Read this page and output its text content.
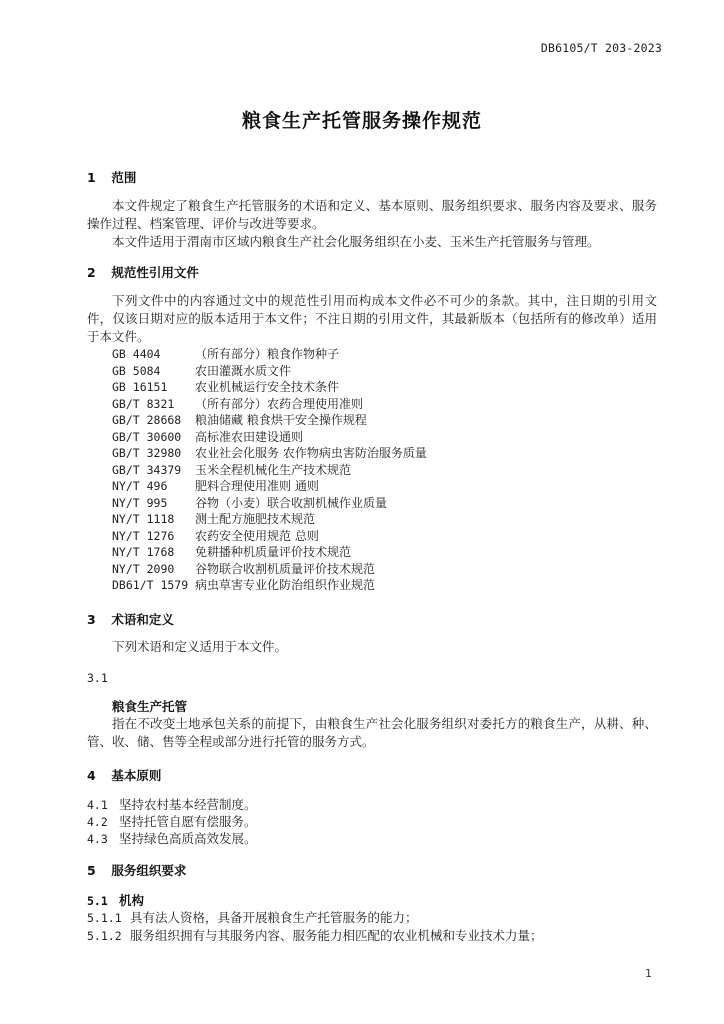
DB6105/T 203-2023
粮食生产托管服务操作规范
1 范围
本文件规定了粮食生产托管服务的术语和定义、基本原则、服务组织要求、服务内容及要求、服务操作过程、档案管理、评价与改进等要求。
本文件适用于渭南市区域内粮食生产社会化服务组织在小麦、玉米生产托管服务与管理。
2 规范性引用文件
下列文件中的内容通过文中的规范性引用而构成本文件必不可少的条款。其中，注日期的引用文件，仅该日期对应的版本适用于本文件；不注日期的引用文件，其最新版本（包括所有的修改单）适用于本文件。
GB 4404	（所有部分）粮食作物种子
GB 5084	农田灌溉水质文件
GB 16151 农业机械运行安全技术条件
GB/T 8321 （所有部分）农药合理使用准则
GB/T 28668 粮油储藏 粮食烘干安全操作规程
GB/T 30600 高标准农田建设通则
GB/T 32980 农业社会化服务 农作物病虫害防治服务质量
GB/T 34379 玉米全程机械化生产技术规范
NY/T 496 肥料合理使用准则 通则
NY/T 995 谷物（小麦）联合收割机械作业质量
NY/T 1118 测土配方施肥技术规范
NY/T 1276 农药安全使用规范 总则
NY/T 1768 免耕播种机质量评价技术规范
NY/T 2090 谷物联合收割机质量评价技术规范
DB61/T 1579 病虫草害专业化防治组织作业规范
3 术语和定义
下列术语和定义适用于本文件。
3.1
粮食生产托管
指在不改变土地承包关系的前提下，由粮食生产社会化服务组织对委托方的粮食生产，从耕、种、管、收、储、售等全程或部分进行托管的服务方式。
4 基本原则
4.1 坚持农村基本经营制度。
4.2 坚持托管自愿有偿服务。
4.3 坚持绿色高质高效发展。
5 服务组织要求
5.1 机构
5.1.1 具有法人资格，具备开展粮食生产托管服务的能力；
5.1.2 服务组织拥有与其服务内容、服务能力相匹配的农业机械和专业技术力量；
1
